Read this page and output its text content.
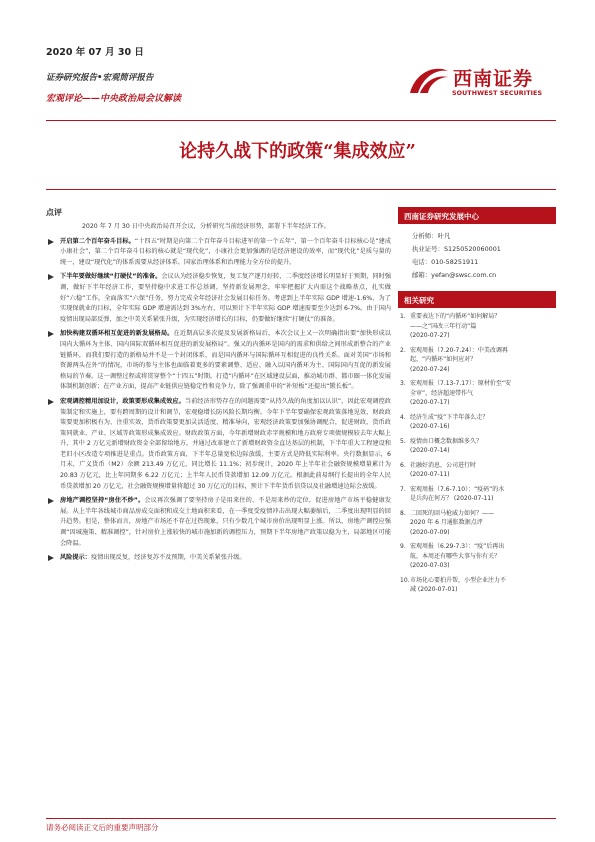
2020 年 07 月 30 日
证券研究报告•宏观简评报告
宏观评论——中央政治局会议解读
西南证券
SOUTHWEST SECURITIES
论持久战下的政策“集成效应”
点评

2020 年 7 月 30 日中央政治局召开会议，分析研究当前经济形势，部署下半年经济工作。

开启第二个百年奋斗目标。“十四五”时期是向第二个百年奋斗目标进军的第一个五年”，第一个百年奋斗目标核心是“建成小康社会”，第二个百年奋斗目标的核心就是“现代化”，小康社会更加强调的是经济建设的效率，而“现代化”是质与量的统一，建设“现代化”的体系需要从经济体系、国家治理体系和治理能力全方位的提升。

下半年要做好继续“打硬仗”的准备。会议认为经济稳步恢复，复工复产逐月好转，二季度经济增长明显好于预期，同时强调，做好下半年经济工作，要坚持稳中求进工作总基调，坚持新发展理念，牢牢把握扩大内需这个战略基点，扎实做好“六稳”工作，全面落实“六保”任务，努力完成全年经济社会发展目标任务。考虑到上半年实际 GDP 增速-1.6%，为了实现保就业的目标，全年实际 GDP 增速需达到 3%左右，可以预计下半年实际 GDP 增速需要至少达到 6-7%。由于国内疫情出现局部反弹，加之中美关系紧张升级，为实现经济增长的目标，仍要做好继续“打硬仗”的准备。

加快构建双循环相互促进的新发展格局。在近期高层多次提及发展新格局后，本次会议上又一次明确指出要“加快形成以国内大循环为主体、国内国际双循环相互促进的新发展格局”。强又的内循环是国内的需求和供给之间形成新整合的产业链循环，而我们要打造的新格局并不是一个封闭体系，而是国内循环与国际循环互相促进的良性关系。面对美国“市场和资源两头在外”的情况，市场的参与主体也面临着更多的要素调整、适应、融入以国内循环为主、国际国内互促的新发展格局的节奏。这一调整过程或将贯穿整个“十四五”时期。打造“内循环”在区域建设层面，推动城市群、都市圈一体化发展体制机制创新；在产业方面，提高产业链供应链稳定性和竞争力，除了强调重申的“补短板”还提出“锻长板”。

宏观调控精用加设计，政策要形成集成效应。当前经济形势存在的问题需要“从持久战的角度加以认识”，因此宏观调控政策制定和实施上，要有跨周期的设计和调节，宏观稳增长防风险长期均衡。今年下半年要确保宏观政策落地见效，财政政策要更加积极有为、注重实效，货币政策要更加灵活适度、精准导向，宏观经济政策要加强协调配合，促进财政、货币政策同就业、产业、区域等政策形成集成效应。财政政策方面，今年新增财政赤字规模和地方政府专项债规模较去年大幅上升，其中 2 万亿元新增财政资金全部留给地方，并通过改革建立了新增财政资金直达基层的机制，下半年重大工程建设和老旧小区改造专项推进是重点。货币政策方面，下半年总量宽松边际放缓，主要方式是降低实际利率。央行数据显示，6 月末，广义货币（M2）余额 213.49 万亿元，同比增长 11.1%；初步统计，2020 年上半年社会融资规模增量累计为 20.83 万亿元，比上年同期多 6.22 万亿元；上半年人民币贷款增加 12.09 万亿元。根据此前易纲行长提出的全年人民币贷款增加 20 万亿元，社会融资规模增量将超过 30 万亿元的目标，预计下半年货币信贷以及社融增速边际会放缓。

房地产调控坚持“房住不炒”。会议再次强调了要坚持房子是用来住的、不是用来炒的定位，促进房地产市场平稳健康发展。从上半年各线城市商品房成交面积和成交土地面积来看，在一季度受疫情冲击出现大幅萎缩后，二季度出现明显的回升趋势。但是，整体而言，房地产市场还不存在过热现象，只有少数几个城市房价出现明显上涨。所以，房地产调控应强调“因城施策、精准调控”，针对房价上涨较快的城市施加新的调控压力，预期下半年房地产政策以稳为主，局部地区可能会降温。

风险提示：疫情出现反复，经济复苏不及预期，中美关系紧张升级。

西南证券研究发展中心
分析师：叶凡
执业证号：S1250520060001
电话：010-58251911
邮箱：yefan@swsc.com.cn
相关研究
1. 重要表达下的“内循环”如何解局？
——之“国改三年行动”篇
(2020-07-27)
2. 宏观周报（7.20-7.24）：中美改调再
起，“内循环”如何应对？
(2020-07-24)
3. 宏观周报（7.13-7.17）：原材价至“安
全审”，经济超速带作气
(2020-07-17)
4. 经济生成“疫”下半年落么走？
(2020-07-16)
5. 疫情由口概念数据维多久？
(2020-07-14)
6. 社融好消息，公司进行时
(2020-07-11)
7. 宏观周报（7.6-7.10）：“疫码”的水
是兵沟在何方？ (2020-07-11)
8. 二回死的回马枪威力如何？——
2020 年 6 月通胀数据点评
(2020-07-09)
9. 宏观周报（6.29-7.3）：“疫”后再出
航，本周还有哪些大事与你有关？
(2020-07-03)
10. 市场化心要拍升帮，小型企业注力不
减 (2020-07-01)
请务必阅读正文后的重要声明部分
